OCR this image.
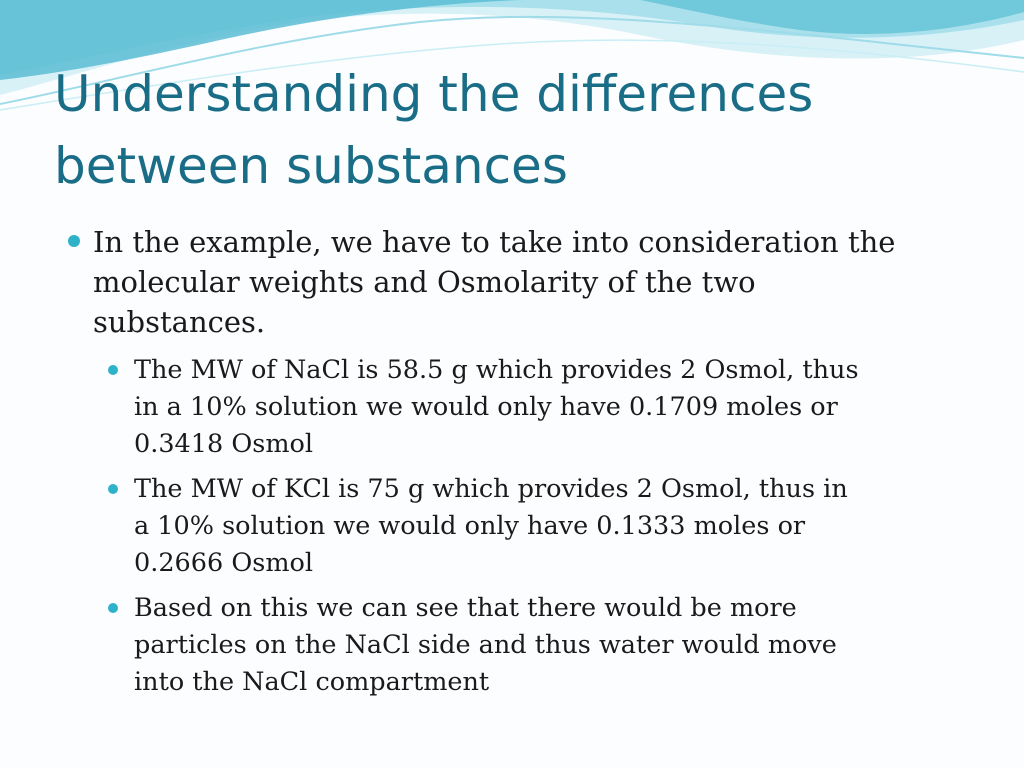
Understanding the differences
between substances
In the example, we have to take into consideration the
molecular weights and Osmolarity of the two
substances.
The MW of NaCl is 58.5 g which provides 2 Osmol, thus
in a 10% solution we would only have 0.1709 moles or
0.3418 Osmol
The MW of KCl is 75 g which provides 2 Osmol, thus in
a 10% solution we would only have 0.1333 moles or
0.2666 Osmol
Based on this we can see that there would be more
particles on the NaCl side and thus water would move
into the NaCl compartment
